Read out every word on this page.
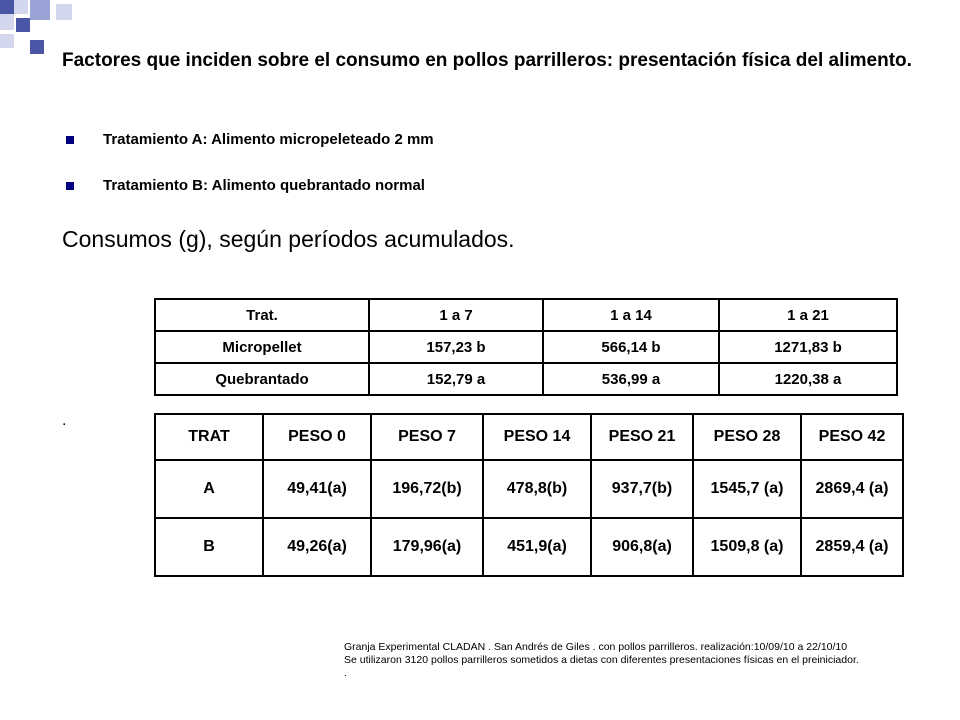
Factores que inciden sobre el consumo en pollos parrilleros: presentación física del alimento.
Tratamiento A: Alimento micropeleteado 2 mm
Tratamiento B: Alimento quebrantado normal
Consumos (g), según períodos acumulados.
Trat.	1 a 7	1 a 14	1 a 21
Micropellet	157,23 b	566,14 b	1271,83 b
Quebrantado	152,79 a	536,99 a	1220,38 a
.
TRAT	PESO 0	PESO 7	PESO 14	PESO 21	PESO 28	PESO 42
A	49,41(a)	196,72(b)	478,8(b)	937,7(b)	1545,7 (a)	2869,4 (a)
B	49,26(a)	179,96(a)	451,9(a)	906,8(a)	1509,8 (a)	2859,4 (a)
Granja Experimental CLADAN . San Andrés de Giles . con pollos parrilleros. realización:10/09/10 a 22/10/10
Se utilizaron 3120 pollos parrilleros sometidos a dietas con diferentes presentaciones físicas en el preiniciador.
.
